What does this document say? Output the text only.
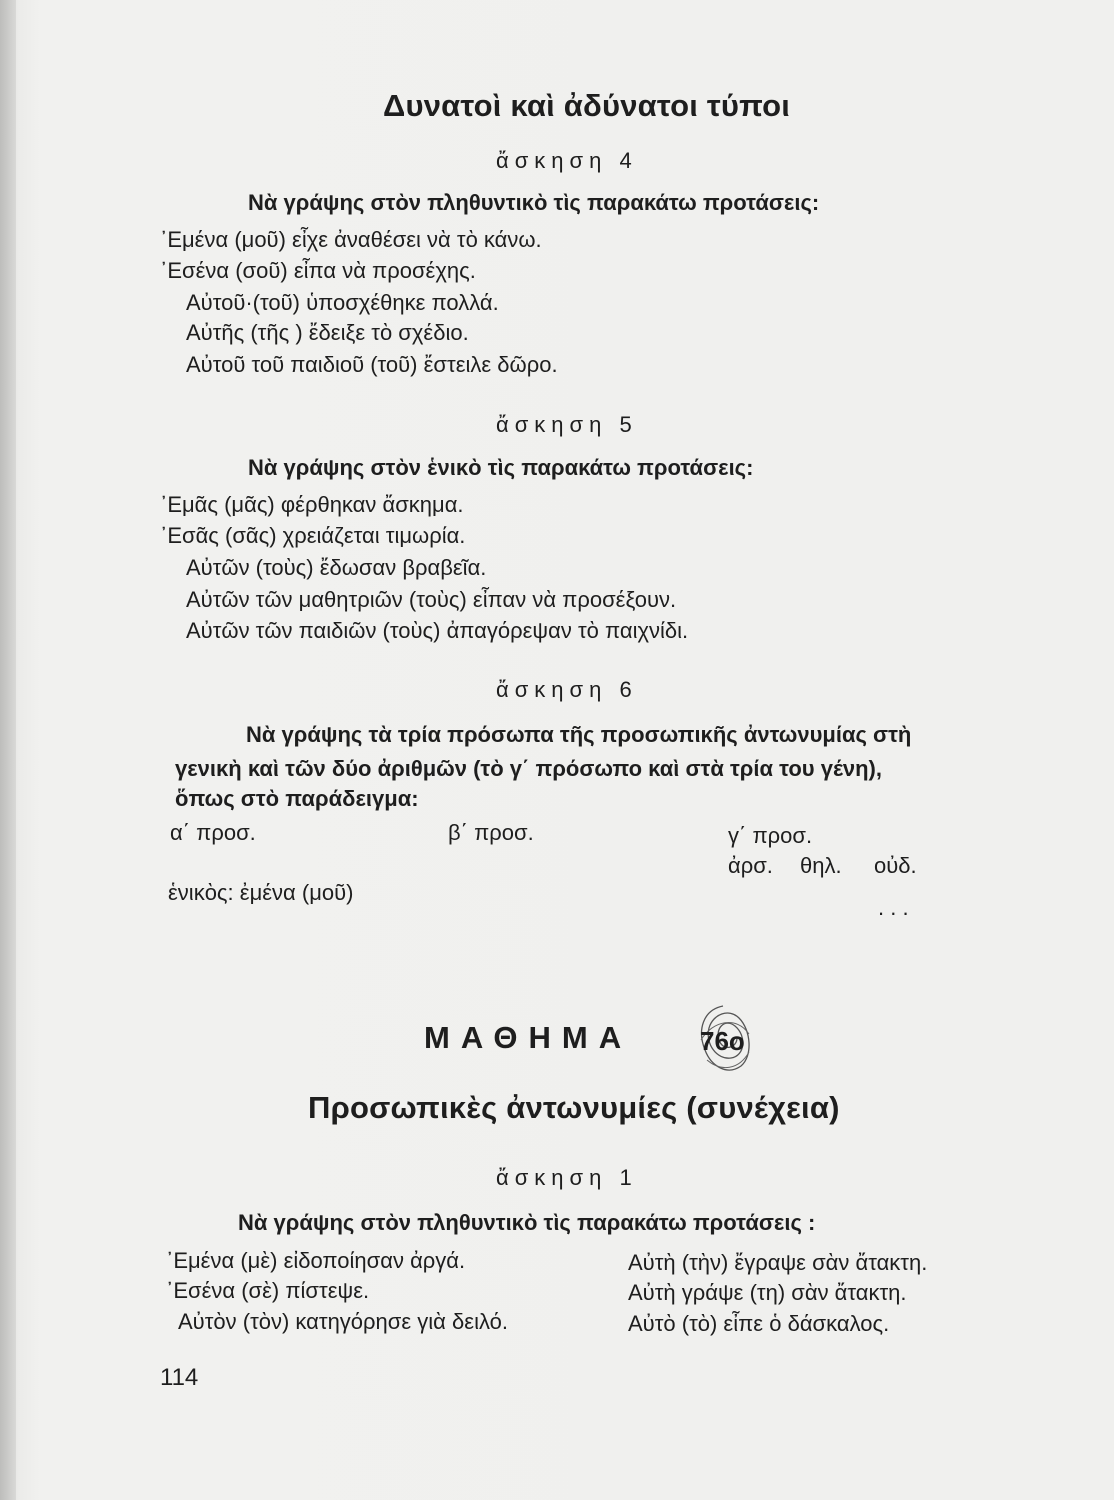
Δυνατοὶ καὶ ἀδύνατοι τύποι
ἄσκηση 4
Νὰ γράψης στὸν πληθυντικὸ τὶς παρακάτω προτάσεις:
᾿Εμένα (μοῦ) εἶχε ἀναθέσει νὰ τὸ κάνω.
᾿Εσένα (σοῦ) εἶπα νὰ προσέχης.
Αὐτοῦ·(τοῦ) ὑποσχέθηκε πολλά.
Αὐτῆς (τῆς ) ἔδειξε τὸ σχέδιο.
Αὐτοῦ τοῦ παιδιοῦ (τοῦ) ἔστειλε δῶρο.
ἄσκηση 5
Νὰ γράψης στὸν ἑνικὸ τὶς παρακάτω προτάσεις:
᾿Εμᾶς (μᾶς) φέρθηκαν ἄσκημα.
᾿Εσᾶς (σᾶς) χρειάζεται τιμωρία.
Αὐτῶν (τοὺς) ἔδωσαν βραβεῖα.
Αὐτῶν τῶν μαθητριῶν (τοὺς) εἶπαν νὰ προσέξουν.
Αὐτῶν τῶν παιδιῶν (τοὺς) ἀπαγόρεψαν τὸ παιχνίδι.
ἄσκηση 6
Νὰ γράψης τὰ τρία πρόσωπα τῆς προσωπικῆς ἀντωνυμίας στὴ
γενικὴ καὶ τῶν δύο ἀριθμῶν (τὸ γ΄ πρόσωπο καὶ στὰ τρία του γένη),
ὅπως στὸ παράδειγμα:
α΄ προσ.	β΄ προσ.	γ΄ προσ.
ἀρσ. θηλ. οὐδ.
ἑνικὸς: ἐμένα (μοῦ)
. . .
ΜΑΘΗΜΑ	76ο
Προσωπικὲς ἀντωνυμίες (συνέχεια)
ἄσκηση 1
Νὰ γράψης στὸν πληθυντικὸ τὶς παρακάτω προτάσεις :
᾿Εμένα (μὲ) εἰδοποίησαν ἀργά.
᾿Εσένα (σὲ) πίστεψε.
Αὐτὸν (τὸν) κατηγόρησε γιὰ δειλό.
Αὐτὴ (τὴν) ἔγραψε σὰν ἄτακτη.
Αὐτὴ γράψε (τη) σὰν ἄτακτη.
Αὐτὸ (τὸ) εἶπε ὁ δάσκαλος.
114
